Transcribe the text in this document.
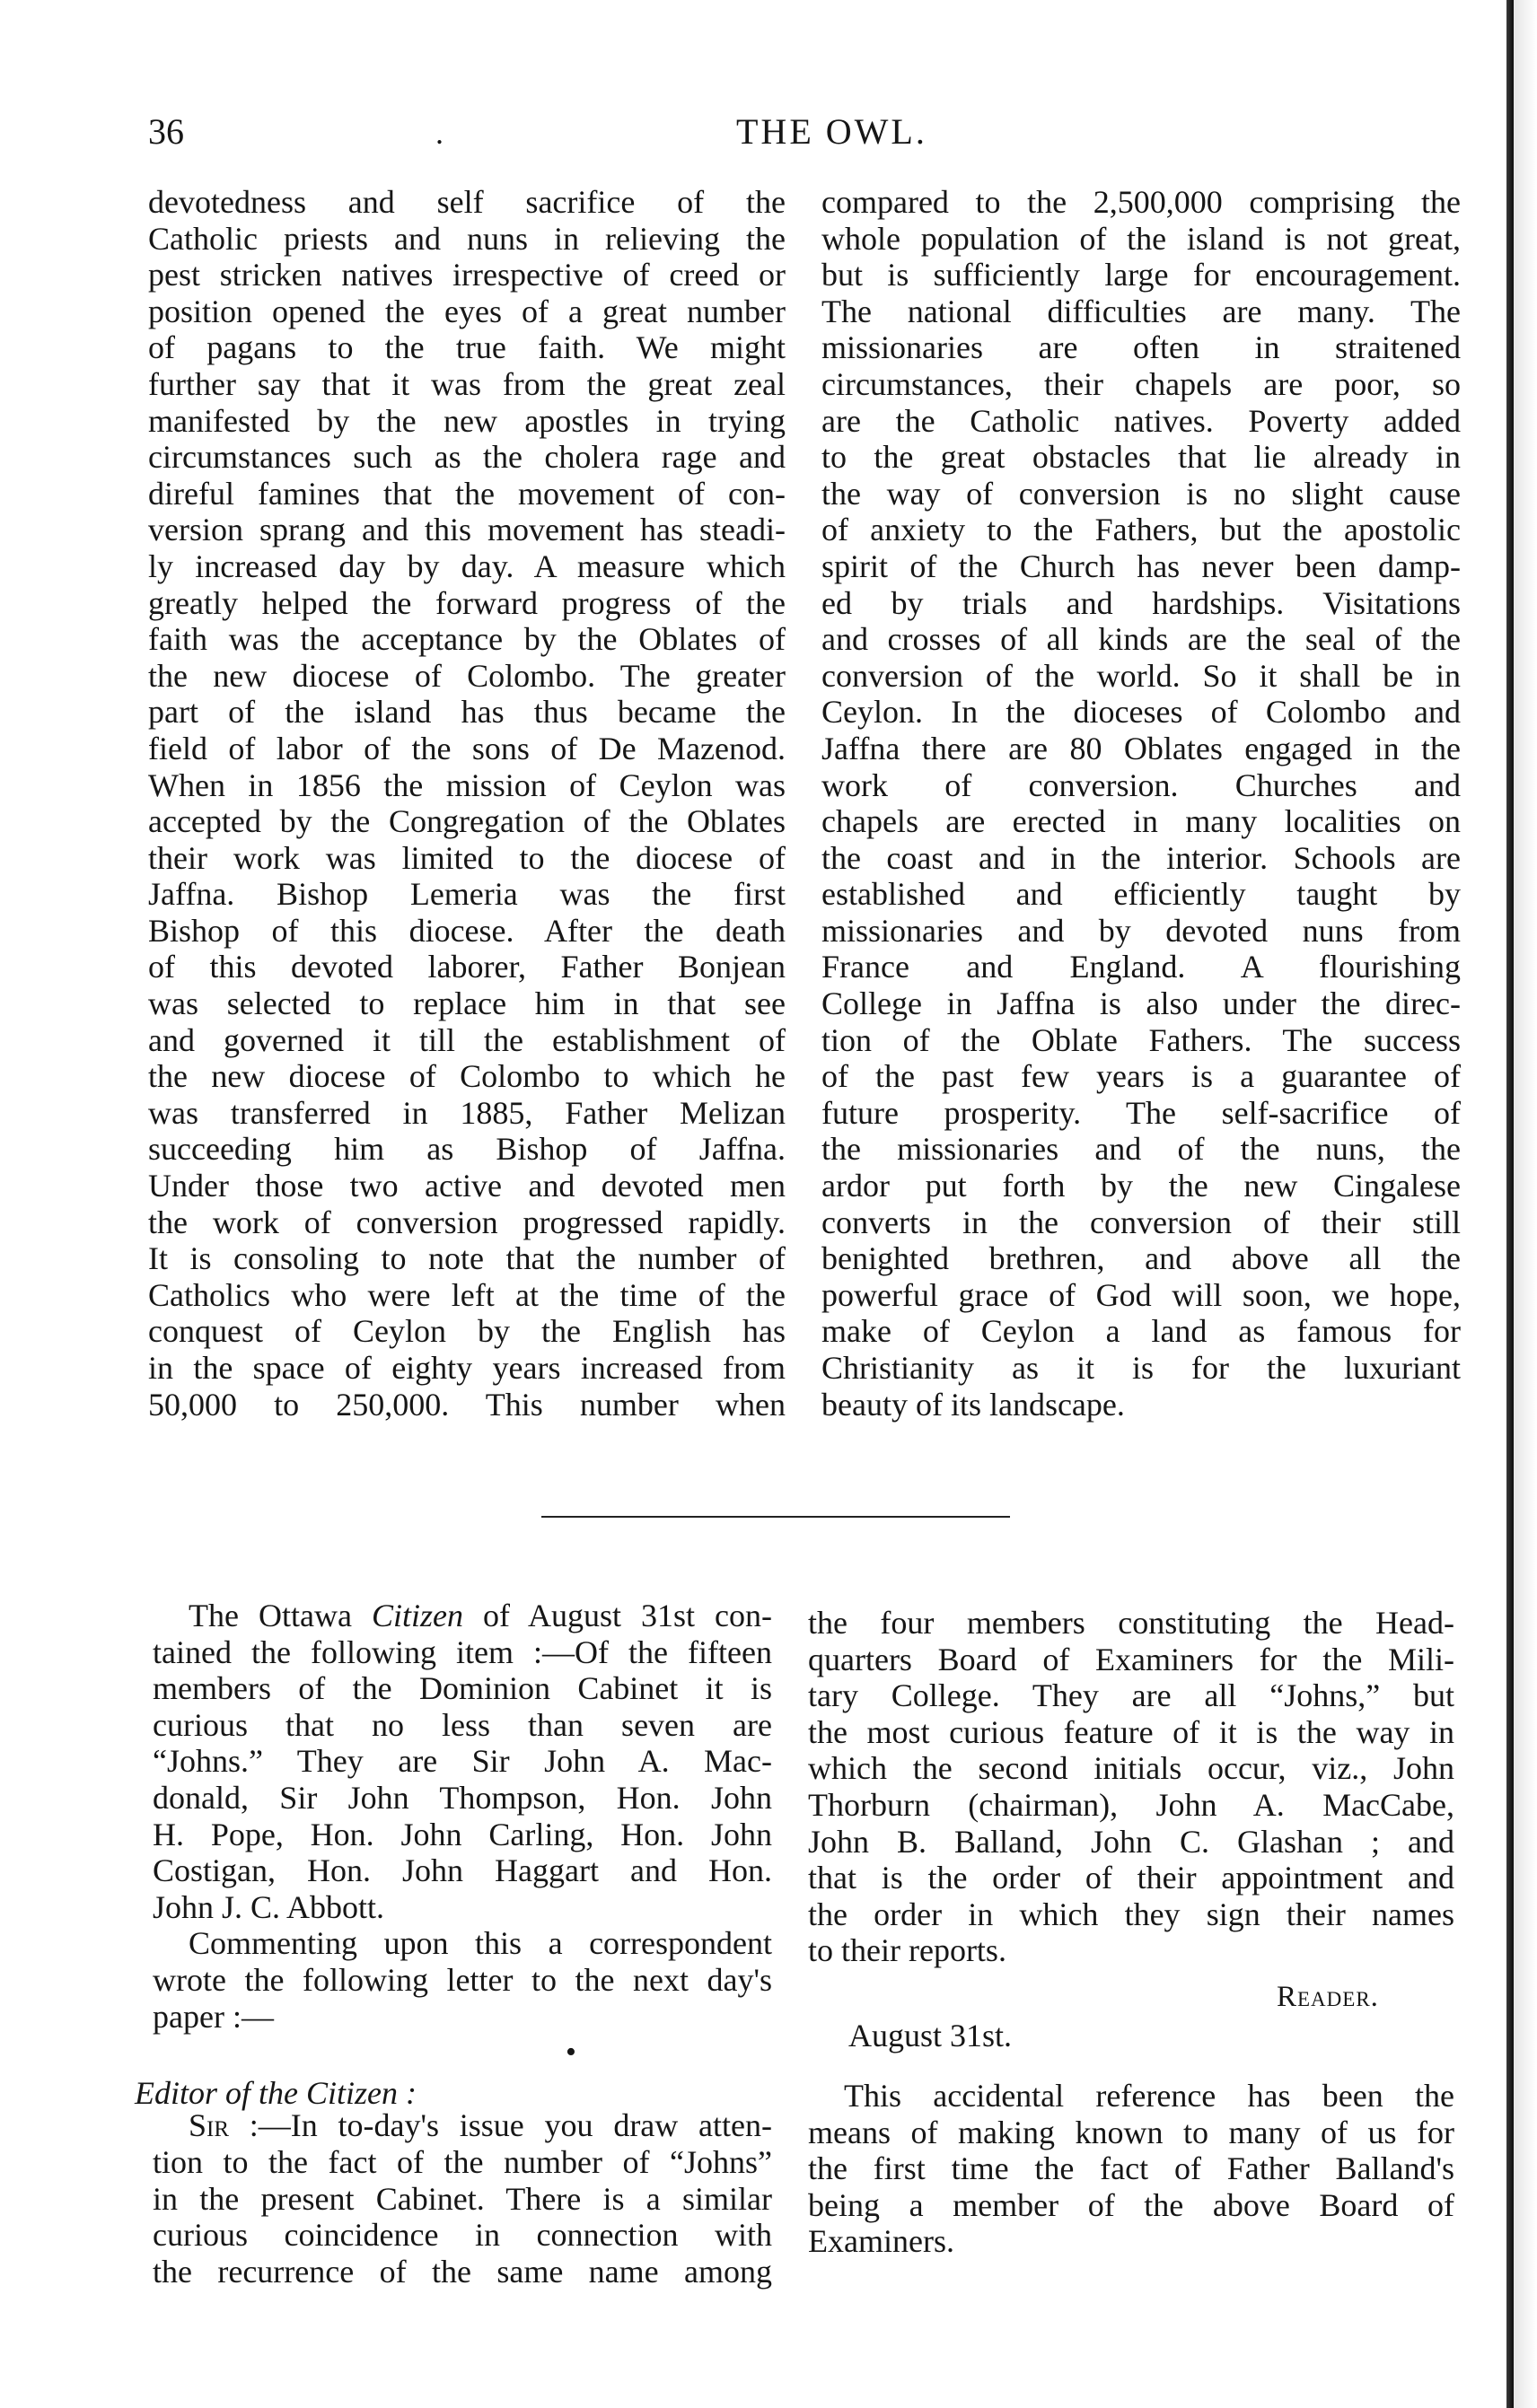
36	.	THE OWL.
devotedness and self sacrifice of the
Catholic priests and nuns in relieving the
pest stricken natives irrespective of creed or
position opened the eyes of a great number
of pagans to the true faith. We might
further say that it was from the great zeal
manifested by the new apostles in trying
circumstances such as the cholera rage and
direful famines that the movement of con-
version sprang and this movement has steadi-
ly increased day by day. A measure which
greatly helped the forward progress of the
faith was the acceptance by the Oblates of
the new diocese of Colombo. The greater
part of the island has thus became the
field of labor of the sons of De Mazenod.
When in 1856 the mission of Ceylon was
accepted by the Congregation of the Oblates
their work was limited to the diocese of
Jaffna. Bishop Lemeria was the first
Bishop of this diocese. After the death
of this devoted laborer, Father Bonjean
was selected to replace him in that see
and governed it till the establishment of
the new diocese of Colombo to which he
was transferred in 1885, Father Melizan
succeeding him as Bishop of Jaffna.
Under those two active and devoted men
the work of conversion progressed rapidly.
It is consoling to note that the number of
Catholics who were left at the time of the
conquest of Ceylon by the English has
in the space of eighty years increased from
50,000 to 250,000. This number when
compared to the 2,500,000 comprising the
whole population of the island is not great,
but is sufficiently large for encouragement.
The national difficulties are many. The
missionaries are often in straitened
circumstances, their chapels are poor, so
are the Catholic natives. Poverty added
to the great obstacles that lie already in
the way of conversion is no slight cause
of anxiety to the Fathers, but the apostolic
spirit of the Church has never been damp-
ed by trials and hardships. Visitations
and crosses of all kinds are the seal of the
conversion of the world. So it shall be in
Ceylon. In the dioceses of Colombo and
Jaffna there are 80 Oblates engaged in the
work of conversion. Churches and
chapels are erected in many localities on
the coast and in the interior. Schools are
established and efficiently taught by
missionaries and by devoted nuns from
France and England. A flourishing
College in Jaffna is also under the direc-
tion of the Oblate Fathers. The success
of the past few years is a guarantee of
future prosperity. The self-sacrifice of
the missionaries and of the nuns, the
ardor put forth by the new Cingalese
converts in the conversion of their still
benighted brethren, and above all the
powerful grace of God will soon, we hope,
make of Ceylon a land as famous for
Christianity as it is for the luxuriant
beauty of its landscape.
The Ottawa Citizen of August 31st con-
tained the following item :—Of the fifteen
members of the Dominion Cabinet it is
curious that no less than seven are
“Johns.” They are Sir John A. Mac-
donald, Sir John Thompson, Hon. John
H. Pope, Hon. John Carling, Hon. John
Costigan, Hon. John Haggart and Hon.
John J. C. Abbott.
Commenting upon this a correspondent
wrote the following letter to the next day's
paper :—
Sir :—In to-day's issue you draw atten-
tion to the fact of the number of “Johns”
in the present Cabinet. There is a similar
curious coincidence in connection with
the recurrence of the same name among
•
Editor of the Citizen :
the four members constituting the Head-
quarters Board of Examiners for the Mili-
tary College. They are all “Johns,” but
the most curious feature of it is the way in
which the second initials occur, viz., John
Thorburn (chairman), John A. MacCabe,
John B. Balland, John C. Glashan ; and
that is the order of their appointment and
the order in which they sign their names
to their reports.
Reader.
August 31st.
This accidental reference has been the
means of making known to many of us for
the first time the fact of Father Balland's
being a member of the above Board of
Examiners.
